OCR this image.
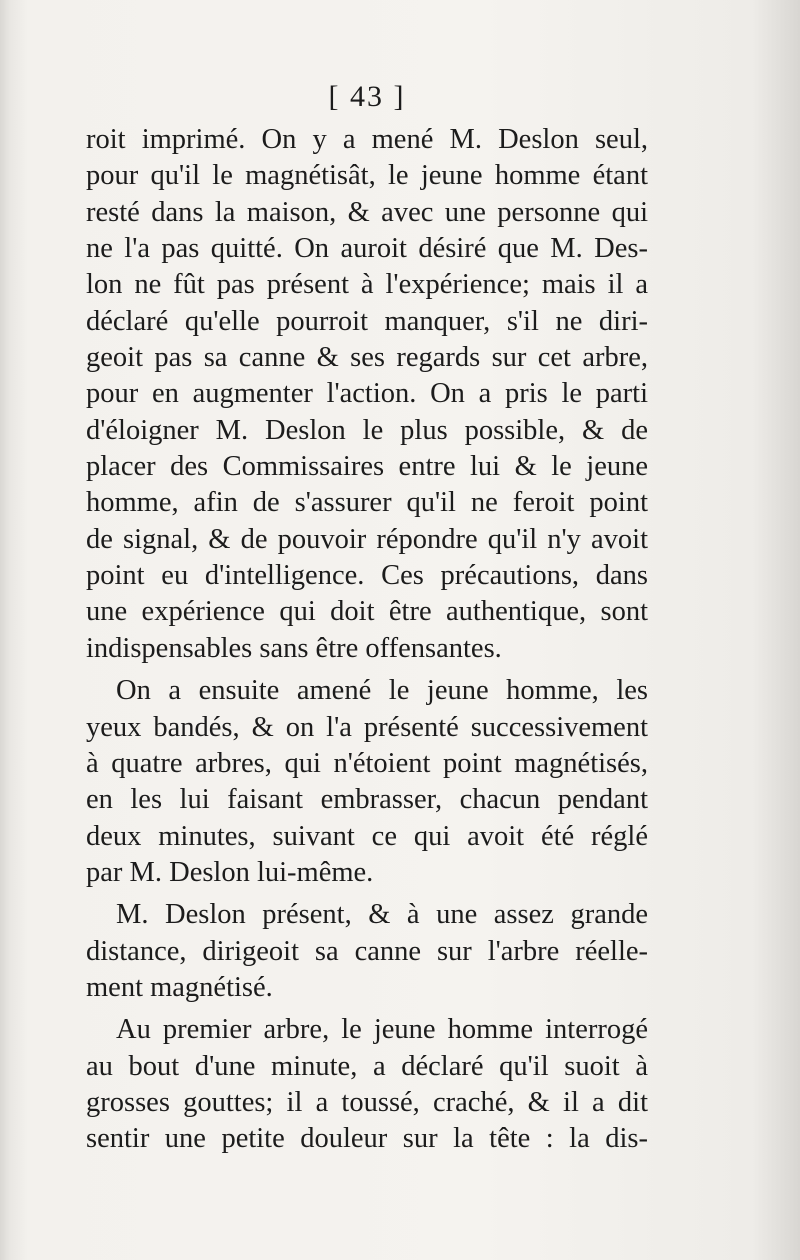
[ 43 ]
roit imprimé. On y a mené M. Deslon seul,
pour qu'il le magnétisât, le jeune homme étant
resté dans la maison, & avec une personne qui
ne l'a pas quitté. On auroit désiré que M. Des-
lon ne fût pas présent à l'expérience; mais il a
déclaré qu'elle pourroit manquer, s'il ne diri-
geoit pas sa canne & ses regards sur cet arbre,
pour en augmenter l'action. On a pris le parti
d'éloigner M. Deslon le plus possible, & de
placer des Commissaires entre lui & le jeune
homme, afin de s'assurer qu'il ne feroit point
de signal, & de pouvoir répondre qu'il n'y avoit
point eu d'intelligence. Ces précautions, dans
une expérience qui doit être authentique, sont
indispensables sans être offensantes.
On a ensuite amené le jeune homme, les
yeux bandés, & on l'a présenté successivement
à quatre arbres, qui n'étoient point magnétisés,
en les lui faisant embrasser, chacun pendant
deux minutes, suivant ce qui avoit été réglé
par M. Deslon lui-même.
M. Deslon présent, & à une assez grande
distance, dirigeoit sa canne sur l'arbre réelle-
ment magnétisé.
Au premier arbre, le jeune homme interrogé
au bout d'une minute, a déclaré qu'il suoit à
grosses gouttes; il a toussé, craché, & il a dit
sentir une petite douleur sur la tête : la dis-
